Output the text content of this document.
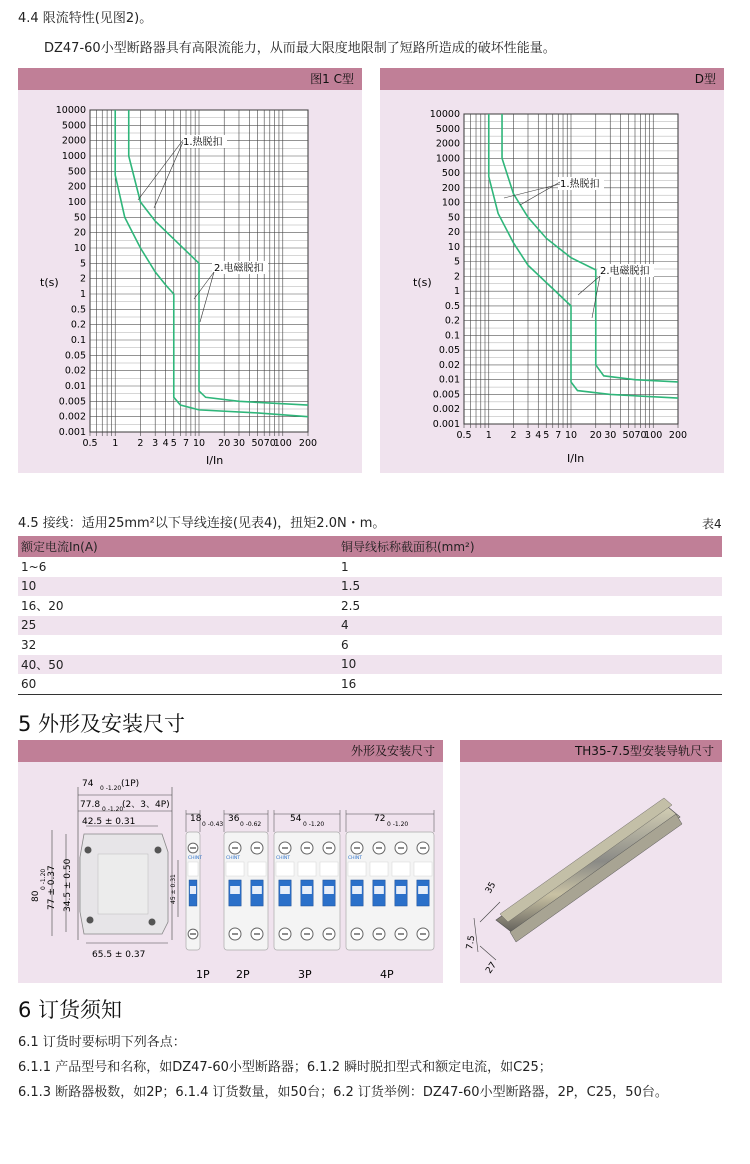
4.4 限流特性(见图2)。
DZ47-60小型断路器具有高限流能力，从而最大限度地限制了短路所造成的破坏性能量。
图1 C型
10000
5000
2000
1000
500
200
100
50
20
10
5
2
1
0.5
0.2
0.1
0.05
0.02
0.01
0.005
0.002
0.001
0.5 1 2 3 4 5 7 10 20 30 50 70
100 200
1.热脱扣
2.电磁脱扣
t(s)
I/In
D型
10000
5000
2000
1000
500
200
100
50
20
10
5
2
1
0.5
0.2
0.1
0.05
0.02
0.01
0.005
0.002
0.001
0.5 1 2 3 4 5 7 10 20 30 50 70
100 200
1.热脱扣
2.电磁脱扣
t(s)
I/In
4.5 接线：适用25mm²以下导线连接(见表4)，扭矩2.0N・m。	表4
额定电流In(A)	铜导线标称截面积(mm²)
1~6	1
10	1.5
16、20	2.5
25	4
32	6
40、50	10
60	16
5 外形及安装尺寸
外形及安装尺寸
74 0 -1.20 (1P)
77.8 0 -1.20
(2、3、4P)
42.5 ± 0.31
65.5 ± 0.37
80
0 -1.20 77 ± 0.37 34.5 ± 0.50	45 ± 0.31
CHINT	CHINT	CHINT	CHINT
1P 2P	3P	4P
18
0 -0.43
36
0 -0.62
54
0 -1.20
72
0 -1.20
TH35-7.5型安装导轨尺寸
35
7.5
27
6 订货须知
6.1 订货时要标明下列各点：
6.1.1 产品型号和名称，如DZ47-60小型断路器；6.1.2 瞬时脱扣型式和额定电流，如C25；
6.1.3 断路器极数，如2P；6.1.4 订货数量，如50台；6.2 订货举例：DZ47-60小型断路器，2P，C25，50台。
